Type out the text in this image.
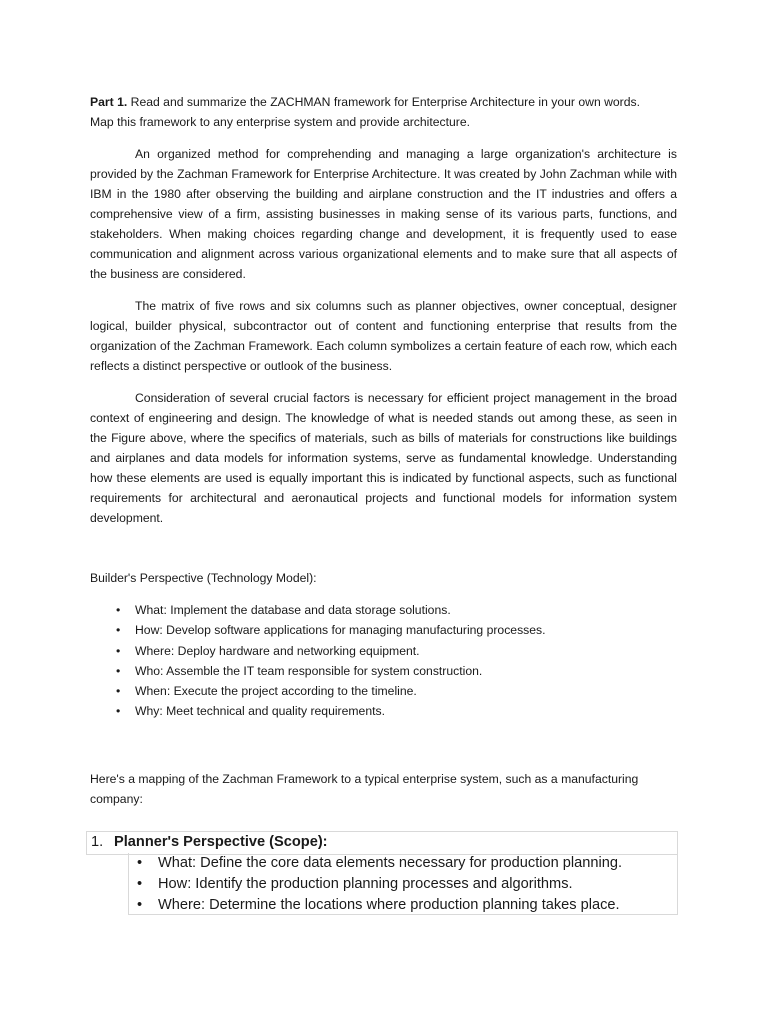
Part 1. Read and summarize the ZACHMAN framework for Enterprise Architecture in your own words.
Map this framework to any enterprise system and provide architecture.

An organized method for comprehending and managing a large organization's architecture is provided by the Zachman Framework for Enterprise Architecture. It was created by John Zachman while with IBM in the 1980 after observing the building and airplane construction and the IT industries and offers a comprehensive view of a firm, assisting businesses in making sense of its various parts, functions, and stakeholders. When making choices regarding change and development, it is frequently used to ease communication and alignment across various organizational elements and to make sure that all aspects of the business are considered.

The matrix of five rows and six columns such as planner objectives, owner conceptual, designer logical, builder physical, subcontractor out of content and functioning enterprise that results from the organization of the Zachman Framework. Each column symbolizes a certain feature of each row, which each reflects a distinct perspective or outlook of the business.

Consideration of several crucial factors is necessary for efficient project management in the broad context of engineering and design. The knowledge of what is needed stands out among these, as seen in the Figure above, where the specifics of materials, such as bills of materials for constructions like buildings and airplanes and data models for information systems, serve as fundamental knowledge. Understanding how these elements are used is equally important this is indicated by functional aspects, such as functional requirements for architectural and aeronautical projects and functional models for information system development.

Builder's Perspective (Technology Model):

• What: Implement the database and data storage solutions.
• How: Develop software applications for managing manufacturing processes.
• Where: Deploy hardware and networking equipment.
• Who: Assemble the IT team responsible for system construction.
• When: Execute the project according to the timeline.
• Why: Meet technical and quality requirements.

Here's a mapping of the Zachman Framework to a typical enterprise system, such as a manufacturing company:

1. Planner's Perspective (Scope):
• What: Define the core data elements necessary for production planning.
• How: Identify the production planning processes and algorithms.
• Where: Determine the locations where production planning takes place.
